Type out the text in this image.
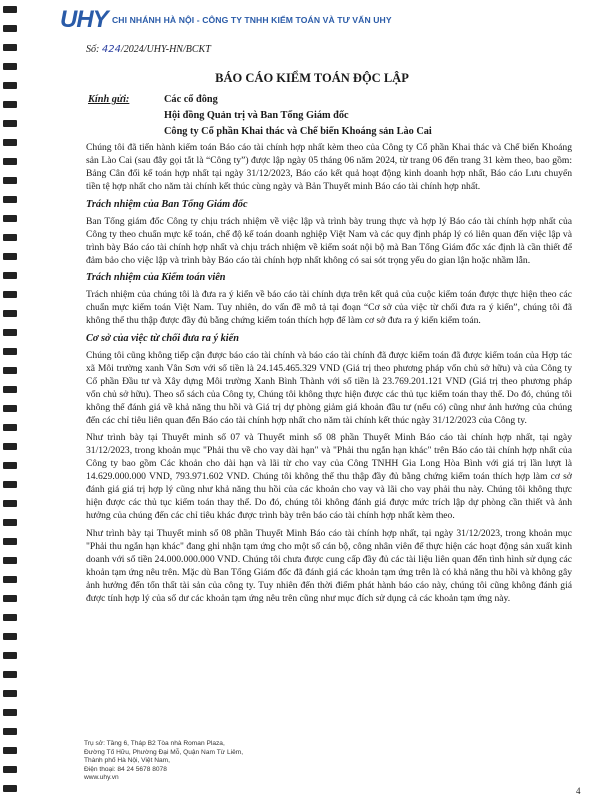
UHY CHI NHÁNH HÀ NỘI - CÔNG TY TNHH KIỂM TOÁN VÀ TƯ VẤN UHY
Số: 424/2024/UHY-HN/BCKT
BÁO CÁO KIỂM TOÁN ĐỘC LẬP
Kính gửi:	Các cổ đông
Hội đồng Quản trị và Ban Tổng Giám đốc
Công ty Cổ phần Khai thác và Chế biến Khoáng sản Lào Cai

Chúng tôi đã tiến hành kiểm toán Báo cáo tài chính hợp nhất kèm theo của Công ty Cổ phần Khai thác và Chế biến Khoáng sản Lào Cai (sau đây gọi tắt là “Công ty”) được lập ngày 05 tháng 06 năm 2024, từ trang 06 đến trang 31 kèm theo, bao gồm: Bảng Cân đối kế toán hợp nhất tại ngày 31/12/2023, Báo cáo kết quả hoạt động kinh doanh hợp nhất, Báo cáo Lưu chuyển tiền tệ hợp nhất cho năm tài chính kết thúc cùng ngày và Bản Thuyết minh Báo cáo tài chính hợp nhất.

Trách nhiệm của Ban Tổng Giám đốc

Ban Tổng giám đốc Công ty chịu trách nhiệm về việc lập và trình bày trung thực và hợp lý Báo cáo tài chính hợp nhất của Công ty theo chuẩn mực kế toán, chế độ kế toán doanh nghiệp Việt Nam và các quy định pháp lý có liên quan đến việc lập và trình bày Báo cáo tài chính hợp nhất và chịu trách nhiệm về kiểm soát nội bộ mà Ban Tổng Giám đốc xác định là cần thiết để đảm bảo cho việc lập và trình bày Báo cáo tài chính hợp nhất không có sai sót trọng yếu do gian lận hoặc nhầm lẫn.

Trách nhiệm của Kiểm toán viên

Trách nhiệm của chúng tôi là đưa ra ý kiến về báo cáo tài chính dựa trên kết quả của cuộc kiểm toán được thực hiện theo các chuẩn mực kiểm toán Việt Nam. Tuy nhiên, do vấn đề mô tả tại đoạn “Cơ sở của việc từ chối đưa ra ý kiến”, chúng tôi đã không thể thu thập được đầy đủ bằng chứng kiểm toán thích hợp để làm cơ sở đưa ra ý kiến kiểm toán.

Cơ sở của việc từ chối đưa ra ý kiến

Chúng tôi cũng không tiếp cận được báo cáo tài chính và báo cáo tài chính đã được kiểm toán đã được kiểm toán của Hợp tác xã Môi trường xanh Vân Sơn với số tiền là 24.145.465.329 VND (Giá trị theo phương pháp vốn chủ sở hữu) và của Công ty Cổ phần Đầu tư và Xây dựng Môi trường Xanh Bình Thành với số tiền là 23.769.201.121 VND (Giá trị theo phương pháp vốn chủ sở hữu). Theo sổ sách của Công ty, Chúng tôi không thực hiện được các thủ tục kiểm toán thay thế. Do đó, chúng tôi không thể đánh giá về khả năng thu hồi và Giá trị dự phòng giảm giá khoản đầu tư (nếu có) cũng như ảnh hưởng của chúng đến các chỉ tiêu liên quan đến Báo cáo tài chính hợp nhất cho năm tài chính kết thúc ngày 31/12/2023 của Công ty.

Như trình bày tại Thuyết minh số 07 và Thuyết minh số 08 phần Thuyết Minh Báo cáo tài chính hợp nhất, tại ngày 31/12/2023, trong khoản mục "Phải thu về cho vay dài hạn" và "Phải thu ngắn hạn khác" trên Báo cáo tài chính hợp nhất của Công ty bao gồm Các khoản cho dài hạn và lãi từ cho vay của Công TNHH Gia Long Hòa Bình với giá trị lần lượt là 14.629.000.000 VND, 793.971.602 VND. Chúng tôi không thể thu thập đầy đủ bằng chứng kiểm toán thích hợp làm cơ sở đánh giá giá trị hợp lý cũng như khả năng thu hồi của các khoản cho vay và lãi cho vay phải thu này. Chúng tôi không thực hiện được các thủ tục kiểm toán thay thế. Do đó, chúng tôi không đánh giá được mức trích lập dự phòng cần thiết và ảnh hưởng của chúng đến các chỉ tiêu khác được trình bày trên báo cáo tài chính hợp nhất kèm theo.

Như trình bày tại Thuyết minh số 08 phần Thuyết Minh Báo cáo tài chính hợp nhất, tại ngày 31/12/2023, trong khoản mục "Phải thu ngắn hạn khác" đang ghi nhận tạm ứng cho một số cán bộ, công nhân viên để thực hiện các hoạt động sản xuất kinh doanh với số tiền 24.000.000.000 VND. Chúng tôi chưa được cung cấp đầy đủ các tài liệu liên quan đến tình hình sử dụng các khoản tạm ứng nêu trên. Mặc dù Ban Tổng Giám đốc đã đánh giá các khoản tạm ứng trên là có khả năng thu hồi và không gây ảnh hưởng đến tổn thất tài sản của công ty. Tuy nhiên đến thời điểm phát hành báo cáo này, chúng tôi cũng không đánh giá được tính hợp lý của số dư các khoản tạm ứng nêu trên cũng như mục đích sử dụng cả các khoản tạm ứng này.

Trụ sở: Tầng 6, Tháp B2 Tòa nhà Roman Plaza,
Đường Tố Hữu, Phường Đại Mỗ, Quận Nam Từ Liêm,
Thành phố Hà Nội, Việt Nam,
Điện thoại: 84 24 5678 8078
www.uhy.vn
4
